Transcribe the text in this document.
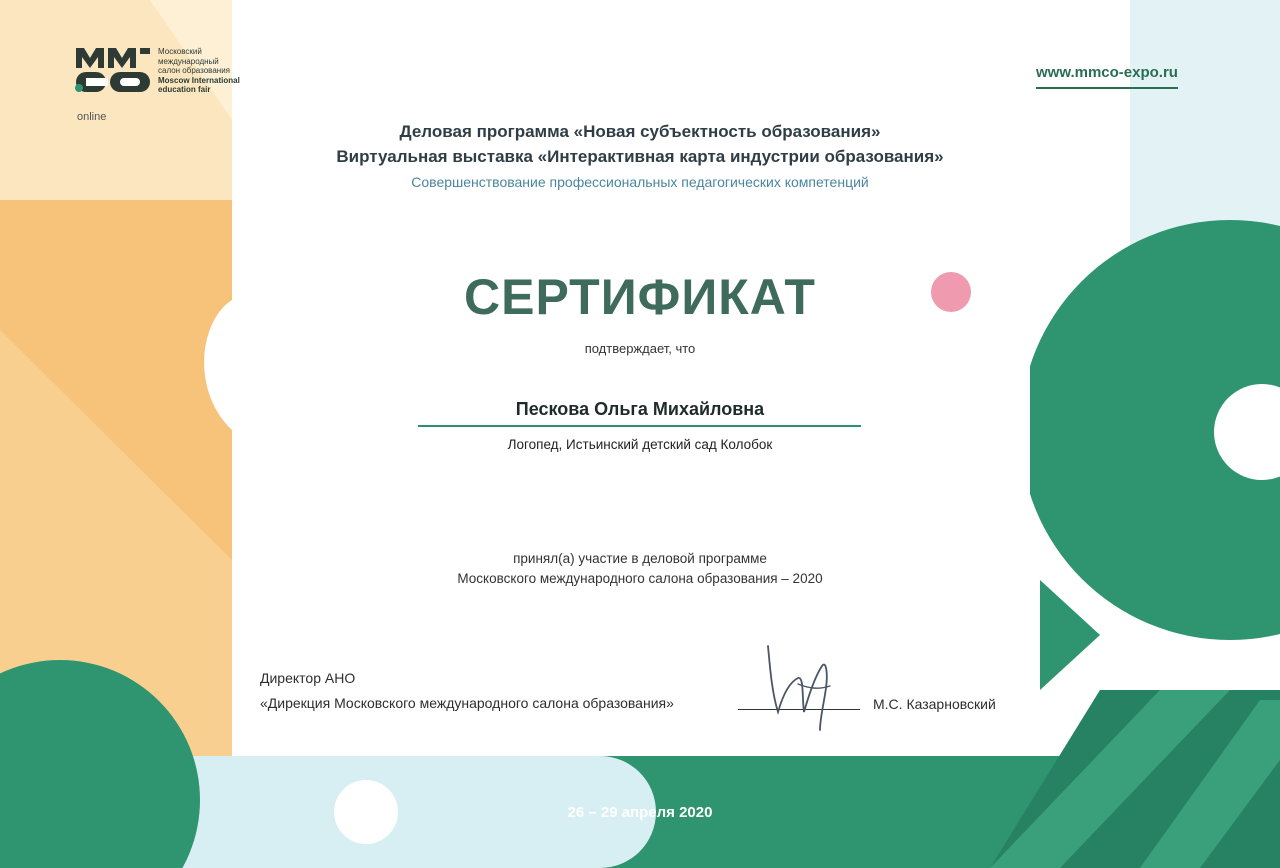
Московский
международный
салон образования
Moscow International
education fair
online
www.mmco-expo.ru
Деловая программа «Новая субъектность образования»
Виртуальная выставка «Интерактивная карта индустрии образования»
Совершенствование профессиональных педагогических компетенций
СЕРТИФИКАТ
подтверждает, что
Пескова Ольга Михайловна
Логопед, Истьинский детский сад Колобок
принял(а) участие в деловой программе
Московского международного салона образования – 2020
Директор АНО
«Дирекция Московского международного салона образования»	М.С. Казарновский
26 – 29 апреля 2020
